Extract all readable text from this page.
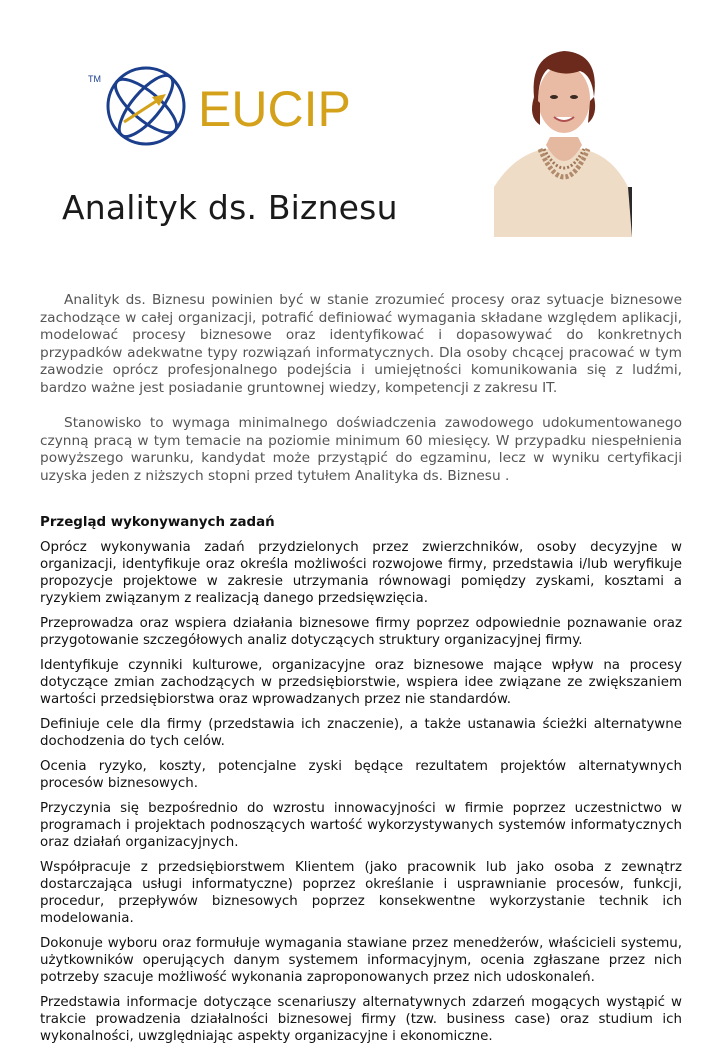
TM
EUCIP
Analityk ds. Biznesu

Analityk ds. Biznesu powinien być w stanie zrozumieć procesy oraz sytuacje biznesowe zachodzące w całej organizacji, potrafić definiować wymagania składane względem aplikacji, modelować procesy biznesowe oraz identyfikować i dopasowywać do konkretnych przypadków adekwatne typy rozwiązań informatycznych. Dla osoby chcącej pracować w tym zawodzie oprócz profesjonalnego podejścia i umiejętności komunikowania się z ludźmi, bardzo ważne jest posiadanie gruntownej wiedzy, kompetencji z zakresu IT.

Stanowisko to wymaga minimalnego doświadczenia zawodowego udokumentowanego czynną pracą w tym temacie na poziomie minimum 60 miesięcy. W przypadku niespełnienia powyższego warunku, kandydat może przystąpić do egzaminu, lecz w wyniku certyfikacji uzyska jeden z niższych stopni przed tytułem Analityka ds. Biznesu .

Przegląd wykonywanych zadań

Oprócz wykonywania zadań przydzielonych przez zwierzchników, osoby decyzyjne w organizacji, identyfikuje oraz określa możliwości rozwojowe firmy, przedstawia i/lub weryfikuje propozycje projektowe w zakresie utrzymania równowagi pomiędzy zyskami, kosztami a ryzykiem związanym z realizacją danego przedsięwzięcia.

Przeprowadza oraz wspiera działania biznesowe firmy poprzez odpowiednie poznawanie oraz przygotowanie szczegółowych analiz dotyczących struktury organizacyjnej firmy.

Identyfikuje czynniki kulturowe, organizacyjne oraz biznesowe mające wpływ na procesy dotyczące zmian zachodzących w przedsiębiorstwie, wspiera idee związane ze zwiększaniem wartości przedsiębiorstwa oraz wprowadzanych przez nie standardów.

Definiuje cele dla firmy (przedstawia ich znaczenie), a także ustanawia ścieżki alternatywne dochodzenia do tych celów.

Ocenia ryzyko, koszty, potencjalne zyski będące rezultatem projektów alternatywnych procesów biznesowych.

Przyczynia się bezpośrednio do wzrostu innowacyjności w firmie poprzez uczestnictwo w programach i projektach podnoszących wartość wykorzystywanych systemów informatycznych oraz działań organizacyjnych.

Współpracuje z przedsiębiorstwem Klientem (jako pracownik lub jako osoba z zewnątrz dostarczająca usługi informatyczne) poprzez określanie i usprawnianie procesów, funkcji, procedur, przepływów biznesowych poprzez konsekwentne wykorzystanie technik ich modelowania.

Dokonuje wyboru oraz formułuje wymagania stawiane przez menedżerów, właścicieli systemu, użytkowników operujących danym systemem informacyjnym, ocenia zgłaszane przez nich potrzeby szacuje możliwość wykonania zaproponowanych przez nich udoskonaleń.

Przedstawia informacje dotyczące scenariuszy alternatywnych zdarzeń mogących wystąpić w trakcie prowadzenia działalności biznesowej firmy (tzw. business case) oraz studium ich wykonalności, uwzględniając aspekty organizacyjne i ekonomiczne.
